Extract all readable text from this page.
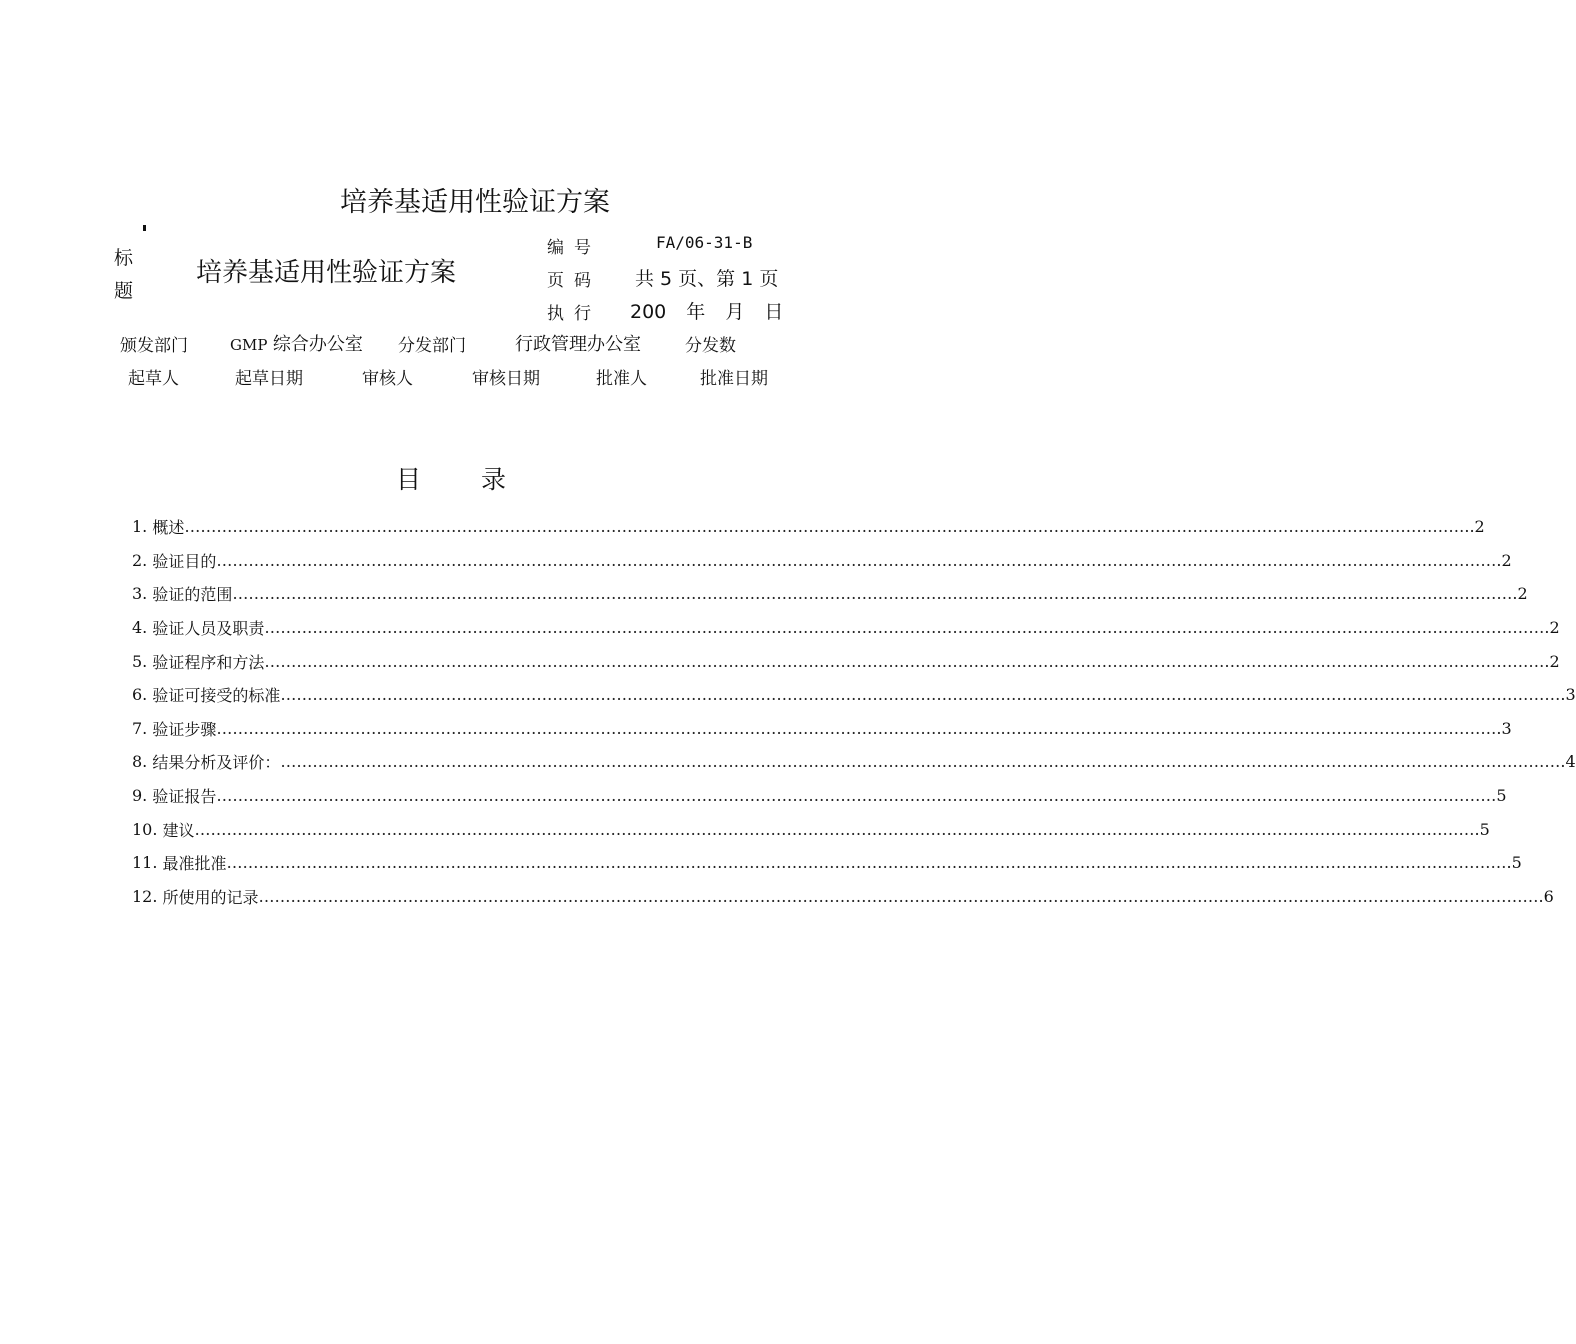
培养基适用性验证方案
标
题
培养基适用性验证方案
编号	FA/06-31-B
页码 共 5 页、第 1 页
执行 200 年 月 日
颁发部门	GMP 综合办公室 分发部门	行政管理办公室	分发数
起草人	起草日期	审核人	审核日期	批准人	批准日期
目 录
1. 概述 …………………………………………………………………………………………………………………………………………………………………………………………………………………… ..2
2. 验证目的 …………………………………………………………………………………………………………………………………………………………………………………………………………………… .2
3. 验证的范围 …………………………………………………………………………………………………………………………………………………………………………………………………………………… .2
4. 验证人员及职责 …………………………………………………………………………………………………………………………………………………………………………………………………………………… .2
5. 验证程序和方法 …………………………………………………………………………………………………………………………………………………………………………………………………………………… .2
6. 验证可接受的标准 …………………………………………………………………………………………………………………………………………………………………………………………………………………… .3
7. 验证步骤 …………………………………………………………………………………………………………………………………………………………………………………………………………………… .3
8. 结果分析及评价： …………………………………………………………………………………………………………………………………………………………………………………………………………………… .4
9. 验证报告 …………………………………………………………………………………………………………………………………………………………………………………………………………………… 5
10. 建议 …………………………………………………………………………………………………………………………………………………………………………………………………………………… .5
11. 最准批准 …………………………………………………………………………………………………………………………………………………………………………………………………………………… .5
12. 所使用的记录 …………………………………………………………………………………………………………………………………………………………………………………………………………………… .6
